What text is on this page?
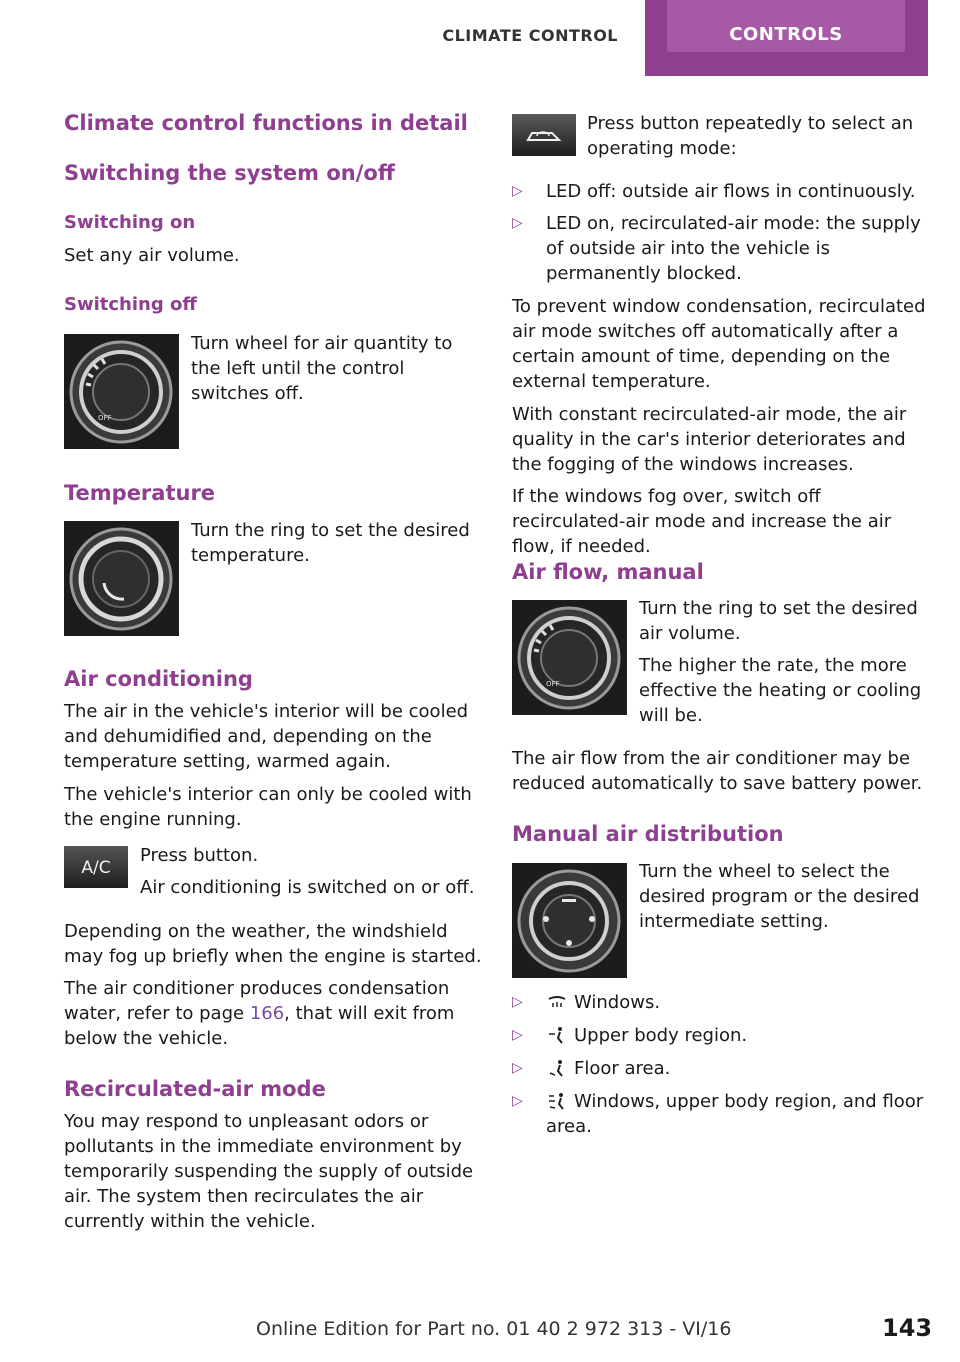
CLIMATE CONTROL	CONTROLS
Climate control functions in detail
Switching the system on/off
Switching on

Set any air volume.

Switching off
OFF

Turn wheel for air quantity to the left until the control switches off.

Temperature

Turn the ring to set the desired temperature.

Air conditioning

The air in the vehicle's interior will be cooled and dehumidified and, depending on the temperature setting, warmed again.

The vehicle's interior can only be cooled with the engine running.

A/C

Press button.

Air conditioning is switched on or off.

Depending on the weather, the windshield may fog up briefly when the engine is started.

The air conditioner produces condensation water, refer to page 166, that will exit from below the vehicle.

Recirculated-air mode

You may respond to unpleasant odors or pollutants in the immediate environment by temporarily suspending the supply of outside air. The system then recirculates the air currently within the vehicle.

Press button repeatedly to select an operating mode:

▷ LED off: outside air flows in continuously.
▷ LED on, recirculated-air mode: the supply of outside air into the vehicle is permanently blocked.

To prevent window condensation, recirculated air mode switches off automatically after a certain amount of time, depending on the external temperature.

With constant recirculated-air mode, the air quality in the car's interior deteriorates and the fogging of the windows increases.

If the windows fog over, switch off recirculated-air mode and increase the air flow, if needed.

Air flow, manual
OFF

Turn the ring to set the desired air volume.

The higher the rate, the more effective the heating or cooling will be.

The air flow from the air conditioner may be reduced automatically to save battery power.

Manual air distribution

Turn the wheel to select the desired program or the desired intermediate setting.

▷	Windows.
▷	Upper body region.
▷	Floor area.
▷	Windows, upper body region, and floor area.
Online Edition for Part no. 01 40 2 972 313 - VI/16	143
